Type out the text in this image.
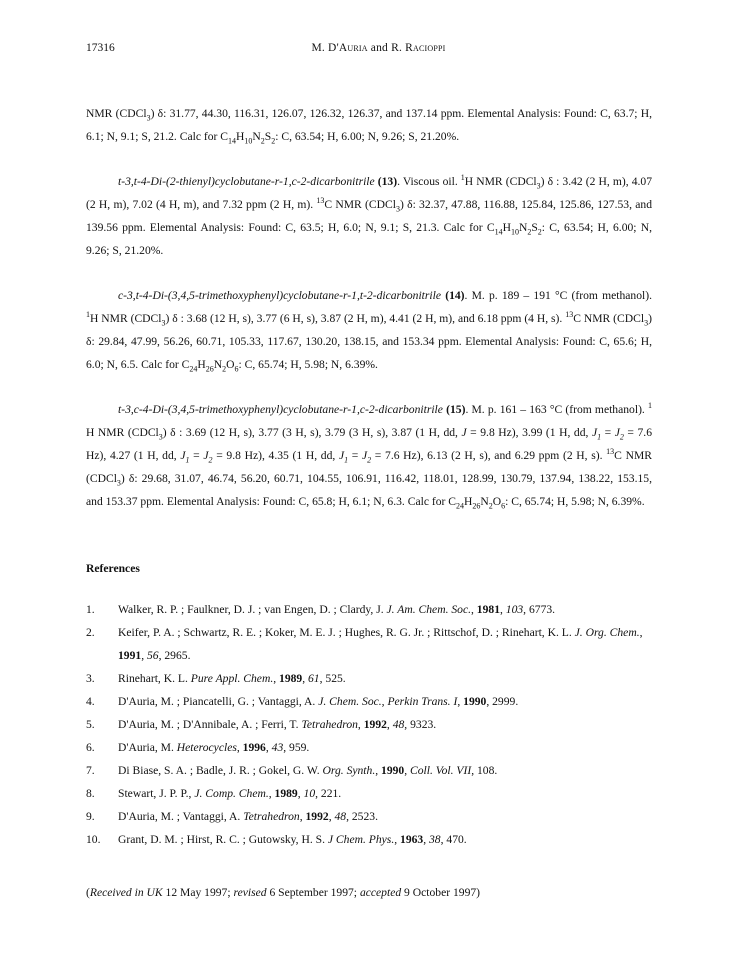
17316	M. D'Auria and R. Racioppi

NMR (CDCl$_3$) δ: 31.77, 44.30, 116.31, 126.07, 126.32, 126.37, and 137.14 ppm. Elemental Analysis: Found: C, 63.7; H, 6.1; N, 9.1; S, 21.2. Calc for $C_{14}H_{10}N_2S_2$: C, 63.54; H, 6.00; N, 9.26; S, 21.20%.

t-3,t-4-Di-(2-thienyl)cyclobutane-r-1,c-2-dicarbonitrile (13). Viscous oil. $^1$H NMR (CDCl$_3$) δ : 3.42 (2 H, m), 4.07 (2 H, m), 7.02 (4 H, m), and 7.32 ppm (2 H, m). $^{13}$C NMR (CDCl$_3$) δ: 32.37, 47.88, 116.88, 125.84, 125.86, 127.53, and 139.56 ppm. Elemental Analysis: Found: C, 63.5; H, 6.0; N, 9.1; S, 21.3. Calc for $C_{14}H_{10}N_2S_2$: C, 63.54; H, 6.00; N, 9.26; S, 21.20%.

c-3,t-4-Di-(3,4,5-trimethoxyphenyl)cyclobutane-r-1,t-2-dicarbonitrile (14). M. p. 189 – 191 °C (from methanol). $^1$H NMR (CDCl$_3$) δ : 3.68 (12 H, s), 3.77 (6 H, s), 3.87 (2 H, m), 4.41 (2 H, m), and 6.18 ppm (4 H, s). $^{13}$C NMR (CDCl$_3$) δ: 29.84, 47.99, 56.26, 60.71, 105.33, 117.67, 130.20, 138.15, and 153.34 ppm. Elemental Analysis: Found: C, 65.6; H, 6.0; N, 6.5. Calc for $C_{24}H_{26}N_2O_6$: C, 65.74; H, 5.98; N, 6.39%.

t-3,c-4-Di-(3,4,5-trimethoxyphenyl)cyclobutane-r-1,c-2-dicarbonitrile (15). M. p. 161 – 163 °C (from methanol). $^1$ H NMR (CDCl$_3$) δ : 3.69 (12 H, s), 3.77 (3 H, s), 3.79 (3 H, s), 3.87 (1 H, dd, J = 9.8 Hz), 3.99 (1 H, dd, $J_1 = J_2 = 7.6$ Hz), 4.27 (1 H, dd, $J_1 = J_2 = 9.8$ Hz), 4.35 (1 H, dd, $J_1 = J_2 = 7.6$ Hz), 6.13 (2 H, s), and 6.29 ppm (2 H, s). $^{13}$C NMR (CDCl$_3$) δ: 29.68, 31.07, 46.74, 56.20, 60.71, 104.55, 106.91, 116.42, 118.01, 128.99, 130.79, 137.94, 138.22, 153.15, and 153.37 ppm. Elemental Analysis: Found: C, 65.8; H, 6.1; N, 6.3. Calc for $C_{24}H_{26}N_2O_6$: C, 65.74; H, 5.98; N, 6.39%.

References
1.	Walker, R. P. ; Faulkner, D. J. ; van Engen, D. ; Clardy, J. J. Am. Chem. Soc., 1981, 103, 6773.
2.	Keifer, P. A. ; Schwartz, R. E. ; Koker, M. E. J. ; Hughes, R. G. Jr. ; Rittschof, D. ; Rinehart, K. L. J. Org. Chem., 1991, 56, 2965.
3.	Rinehart, K. L. Pure Appl. Chem., 1989, 61, 525.
4.	D'Auria, M. ; Piancatelli, G. ; Vantaggi, A. J. Chem. Soc., Perkin Trans. I, 1990, 2999.
5.	D'Auria, M. ; D'Annibale, A. ; Ferri, T. Tetrahedron, 1992, 48, 9323.
6.	D'Auria, M. Heterocycles, 1996, 43, 959.
7.	Di Biase, S. A. ; Badle, J. R. ; Gokel, G. W. Org. Synth., 1990, Coll. Vol. VII, 108.
8.	Stewart, J. P. P., J. Comp. Chem., 1989, 10, 221.
9.	D'Auria, M. ; Vantaggi, A. Tetrahedron, 1992, 48, 2523.
10.	Grant, D. M. ; Hirst, R. C. ; Gutowsky, H. S. J Chem. Phys., 1963, 38, 470.
(Received in UK 12 May 1997; revised 6 September 1997; accepted 9 October 1997)
